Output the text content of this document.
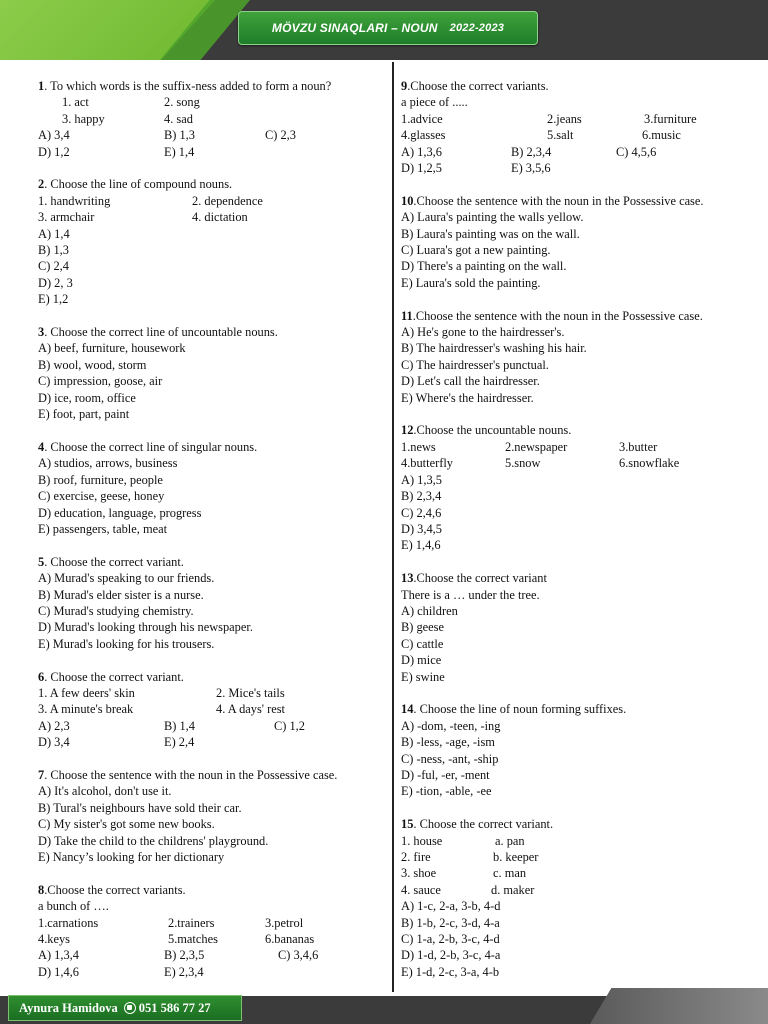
MÖVZU SINAQLARI – NOUN 2022-2023
1. To which words is the suffix-ness added to form a noun?
1. act	2. song
3. happy	4. sad
A) 3,4	B) 1,3	C) 2,3
D) 1,2	E) 1,4
2. Choose the line of compound nouns.
1. handwriting	2. dependence
3. armchair	4. dictation
A) 1,4
B) 1,3
C) 2,4
D) 2, 3
E) 1,2
3. Choose the correct line of uncountable nouns.
A) beef, furniture, housework
B) wool, wood, storm
C) impression, goose, air
D) ice, room, office
E) foot, part, paint
4. Choose the correct line of singular nouns.
A) studios, arrows, business
B) roof, furniture, people
C) exercise, geese, honey
D) education, language, progress
E) passengers, table, meat
5. Choose the correct variant.
A) Murad's speaking to our friends.
B) Murad's elder sister is a nurse.
C) Murad's studying chemistry.
D) Murad's looking through his newspaper.
E) Murad's looking for his trousers.
6. Choose the correct variant.
1. A few deers' skin	2. Mice's tails
3. A minute's break	4. A days' rest
A) 2,3	B) 1,4	C) 1,2
D) 3,4	E) 2,4
7. Choose the sentence with the noun in the Possessive case.
A) It's alcohol, don't use it.
B) Tural's neighbours have sold their car.
C) My sister's got some new books.
D) Take the child to the childrens' playground.
E) Nancy’s looking for her dictionary
8.Choose the correct variants.
a bunch of ….
1.carnations	2.trainers	3.petrol
4.keys	5.matches	6.bananas
A) 1,3,4	B) 2,3,5	C) 3,4,6
D) 1,4,6	E) 2,3,4
9.Choose the correct variants.
a piece of .....
1.advice	2.jeans	3.furniture
4.glasses	5.salt	6.music
A) 1,3,6	B) 2,3,4	C) 4,5,6
D) 1,2,5	E) 3,5,6
10.Choose the sentence with the noun in the Possessive case.
A) Laura's painting the walls yellow.
B) Laura's painting was on the wall.
C) Luara's got a new painting.
D) There's a painting on the wall.
E) Laura's sold the painting.
11.Choose the sentence with the noun in the Possessive case.
A) He's gone to the hairdresser's.
B) The hairdresser's washing his hair.
C) The hairdresser's punctual.
D) Let's call the hairdresser.
E) Where's the hairdresser.
12.Choose the uncountable nouns.
1.news	2.newspaper	3.butter
4.butterfly	5.snow	6.snowflake
A) 1,3,5
B) 2,3,4
C) 2,4,6
D) 3,4,5
E) 1,4,6
13.Choose the correct variant
There is a … under the tree.
A) children
B) geese
C) cattle
D) mice
E) swine
14. Choose the line of noun forming suffixes.
A) -dom, -teen, -ing
B) -less, -age, -ism
C) -ness, -ant, -ship
D) -ful, -er, -ment
E) -tion, -able, -ee
15. Choose the correct variant.
1. house	a. pan
2. fire	b. keeper
3. shoe	c. man
4. sauce	d. maker
A) 1-c, 2-a, 3-b, 4-d
B) 1-b, 2-c, 3-d, 4-a
C) 1-a, 2-b, 3-c, 4-d
D) 1-d, 2-b, 3-c, 4-a
E) 1-d, 2-c, 3-a, 4-b
Aynura Hamidova 051 586 77 27
